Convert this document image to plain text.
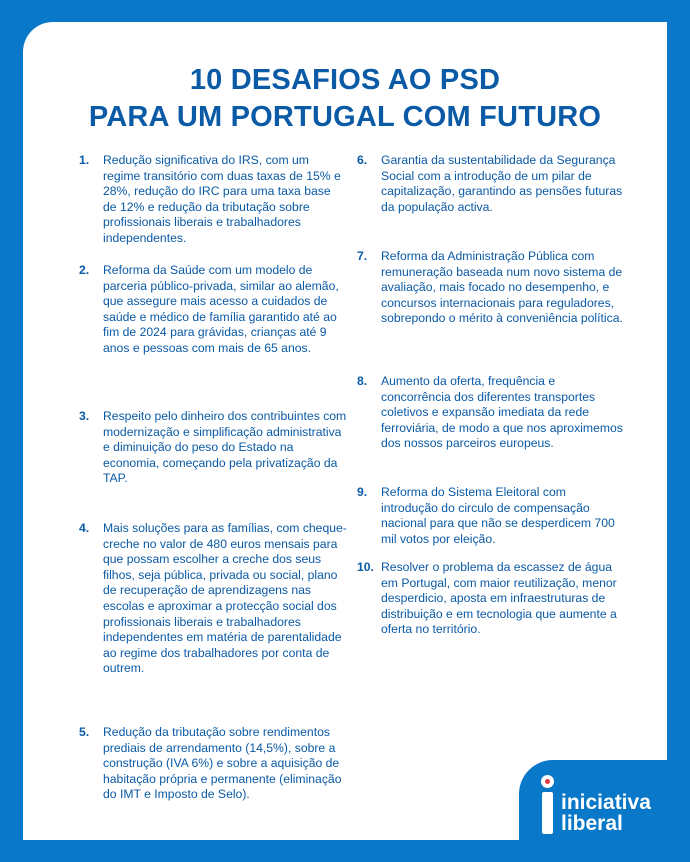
10 DESAFIOS AO PSD
PARA UM PORTUGAL COM FUTURO
1. Redução significativa do IRS, com um regime transitório com duas taxas de 15% e 28%, redução do IRC para uma taxa base de 12% e redução da tributação sobre profissionais liberais e trabalhadores independentes.
2. Reforma da Saúde com um modelo de parceria público-privada, similar ao alemão, que assegure mais acesso a cuidados de saúde e médico de família garantido até ao fim de 2024 para grávidas, crianças até 9 anos e pessoas com mais de 65 anos.
3. Respeito pelo dinheiro dos contribuintes com modernização e simplificação administrativa e diminuição do peso do Estado na economia, começando pela privatização da TAP.
4. Mais soluções para as famílias, com cheque-creche no valor de 480 euros mensais para que possam escolher a creche dos seus filhos, seja pública, privada ou social, plano de recuperação de aprendizagens nas escolas e aproximar a protecção social dos profissionais liberais e trabalhadores independentes em matéria de parentalidade ao regime dos trabalhadores por conta de outrem.
5. Redução da tributação sobre rendimentos prediais de arrendamento (14,5%), sobre a construção (IVA 6%) e sobre a aquisição de habitação própria e permanente (eliminação do IMT e Imposto de Selo).
6. Garantia da sustentabilidade da Segurança Social com a introdução de um pilar de capitalização, garantindo as pensões futuras da população activa.
7. Reforma da Administração Pública com remuneração baseada num novo sistema de avaliação, mais focado no desempenho, e concursos internacionais para reguladores, sobrepondo o mérito à conveniência política.
8. Aumento da oferta, frequência e concorrência dos diferentes transportes coletivos e expansão imediata da rede ferroviária, de modo a que nos aproximemos dos nossos parceiros europeus.
9. Reforma do Sistema Eleitoral com introdução do circulo de compensação nacional para que não se desperdicem 700 mil votos por eleição.
10. Resolver o problema da escassez de água em Portugal, com maior reutilização, menor desperdicio, aposta em infraestruturas de distribuição e em tecnologia que aumente a oferta no território.
iniciativa
liberal
